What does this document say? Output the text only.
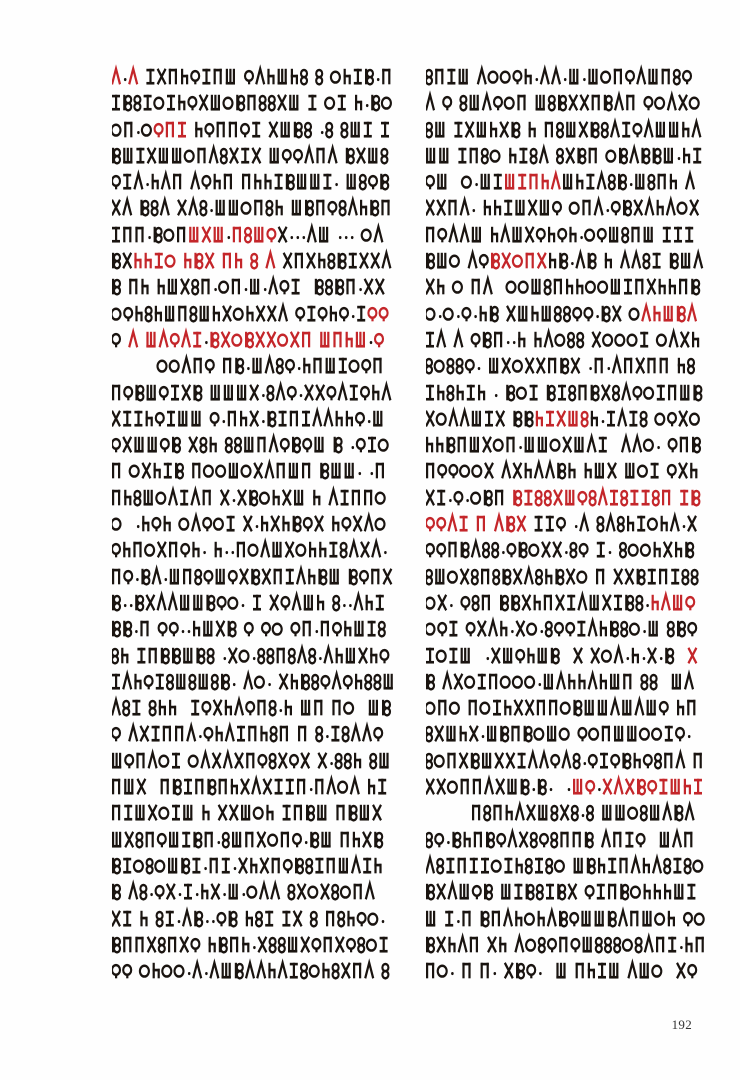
192
